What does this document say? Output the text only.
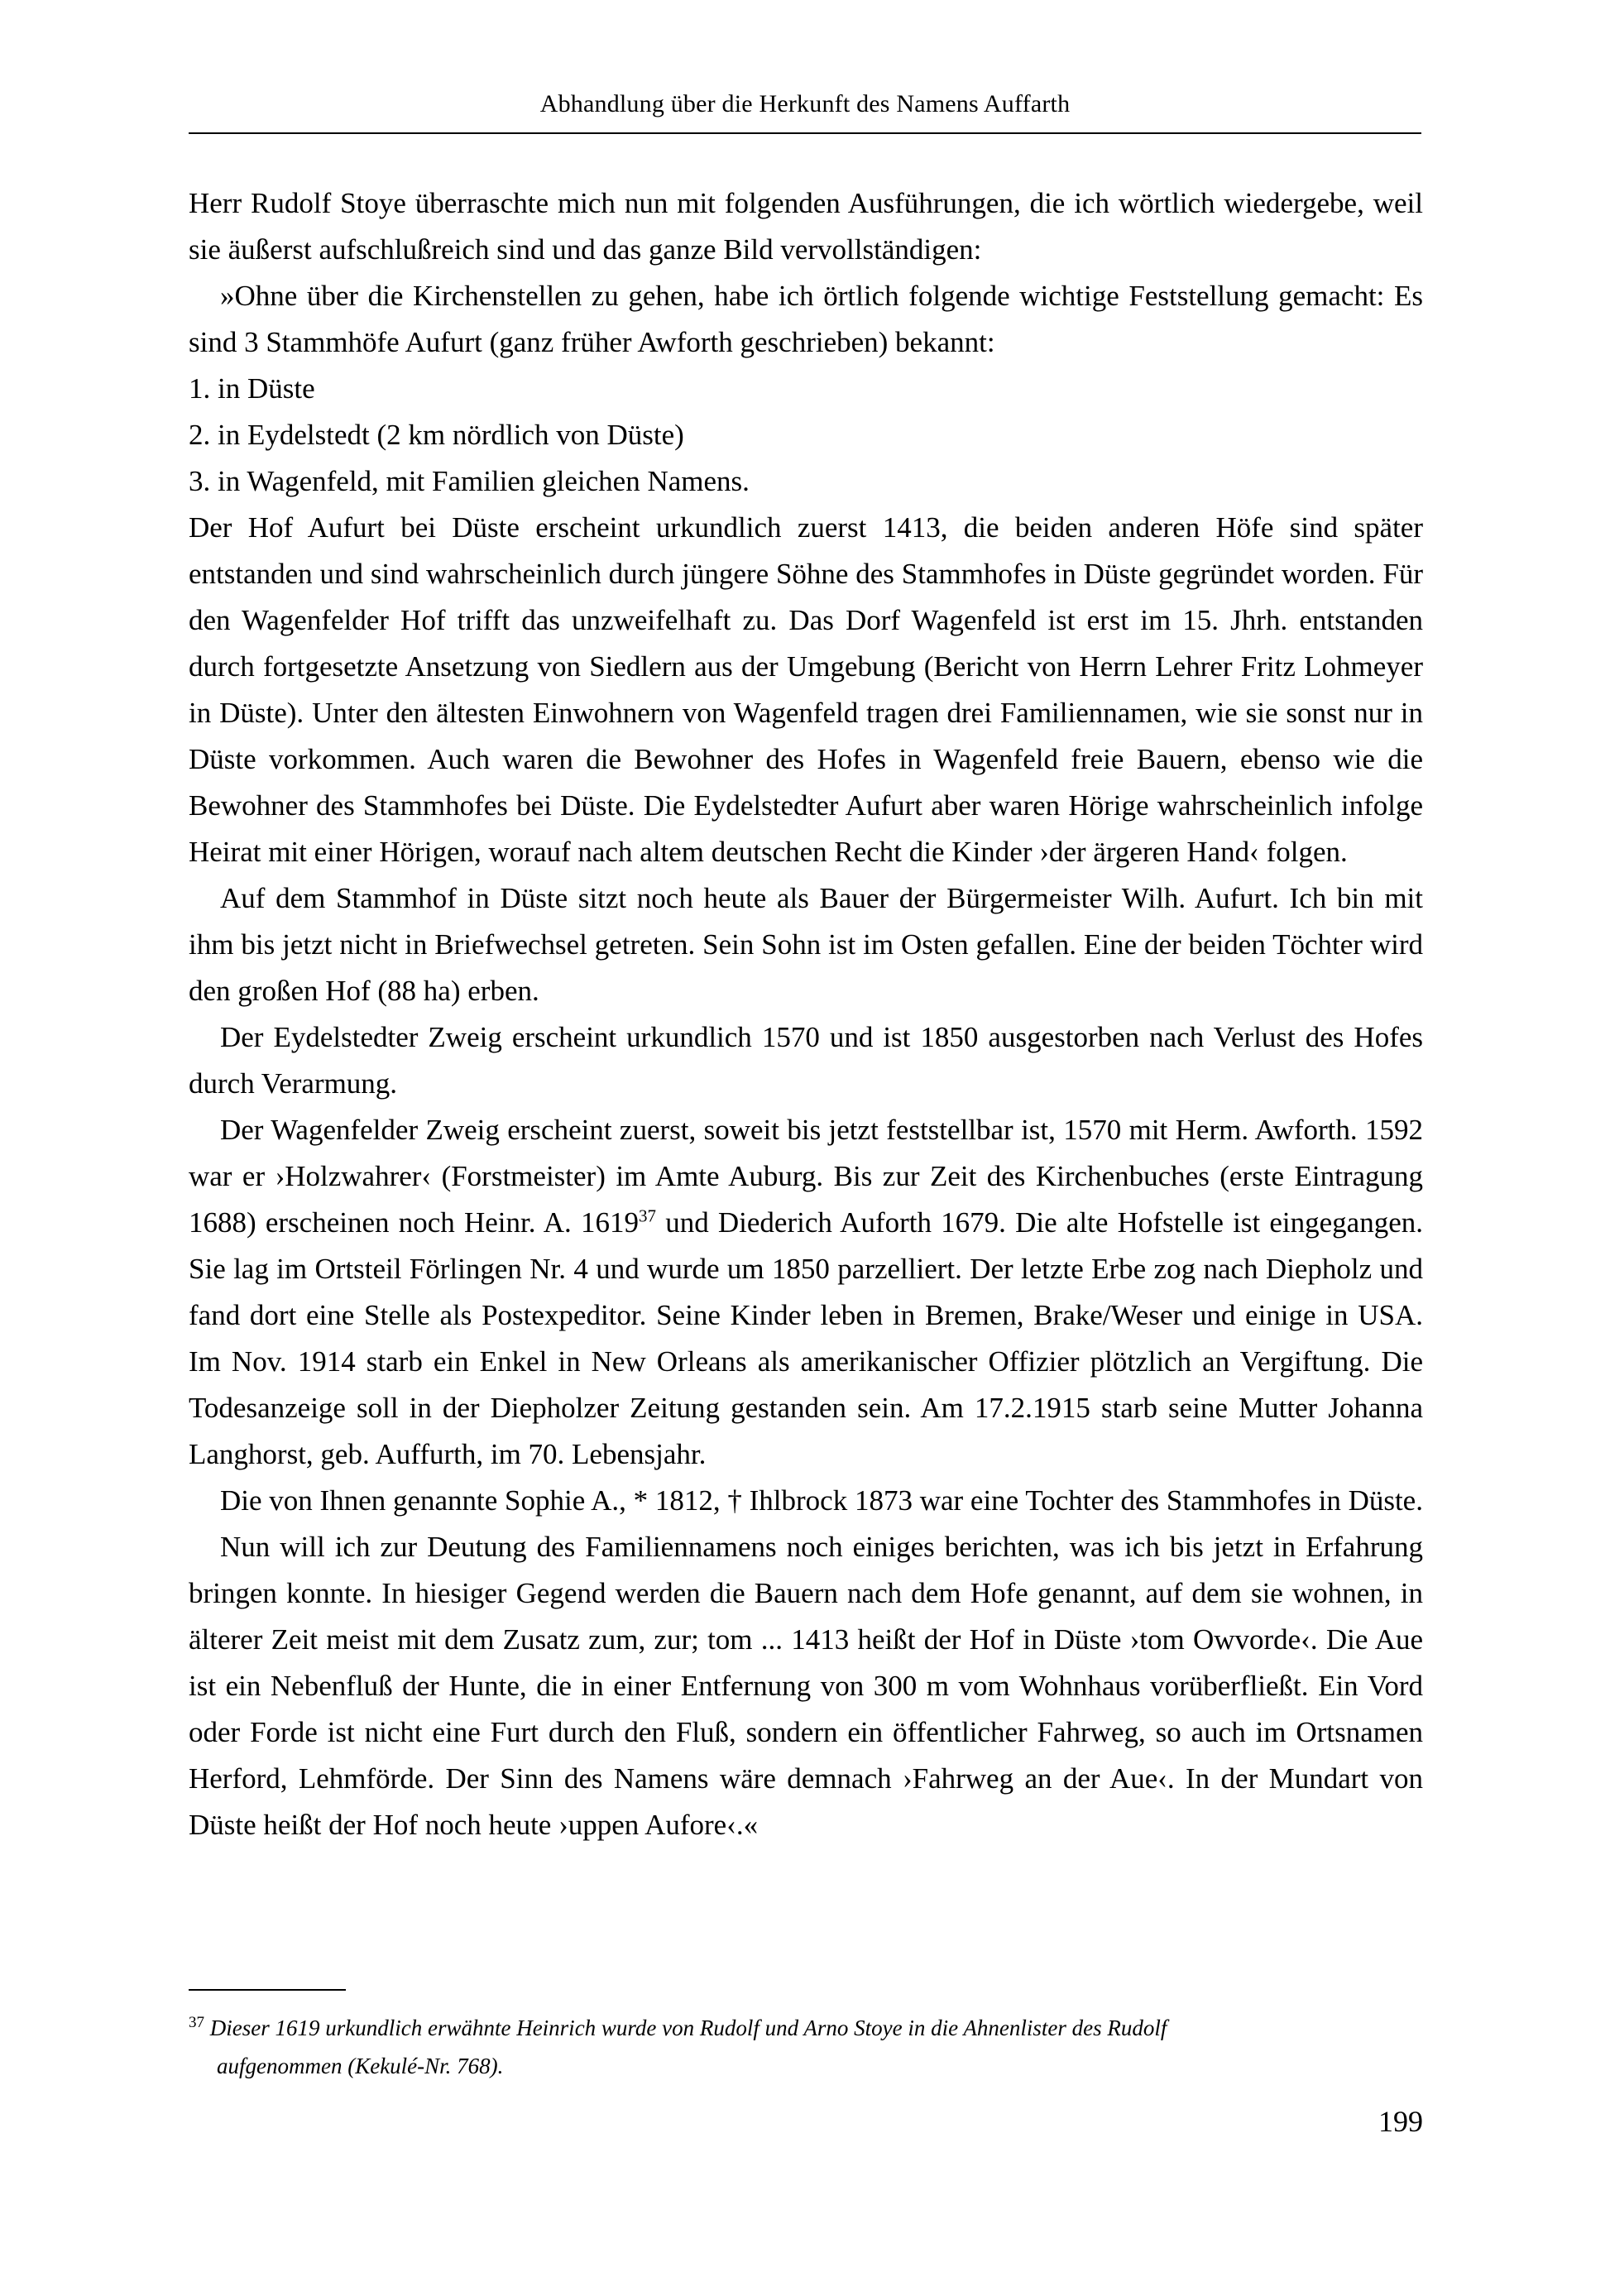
Abhandlung über die Herkunft des Namens Auffarth

Herr Rudolf Stoye überraschte mich nun mit folgenden Ausführungen, die ich wörtlich wiedergebe, weil sie äußerst aufschlußreich sind und das ganze Bild vervollständigen:

»Ohne über die Kirchenstellen zu gehen, habe ich örtlich folgende wichtige Feststellung gemacht: Es sind 3 Stammhöfe Aufurt (ganz früher Awforth geschrieben) bekannt:

1. in Düste

2. in Eydelstedt (2 km nördlich von Düste)

3. in Wagenfeld, mit Familien gleichen Namens.

Der Hof Aufurt bei Düste erscheint urkundlich zuerst 1413, die beiden anderen Höfe sind später entstanden und sind wahrscheinlich durch jüngere Söhne des Stammhofes in Düste gegründet worden. Für den Wagenfelder Hof trifft das unzweifelhaft zu. Das Dorf Wagenfeld ist erst im 15. Jhrh. entstanden durch fortgesetzte Ansetzung von Siedlern aus der Umgebung (Bericht von Herrn Lehrer Fritz Lohmeyer in Düste). Unter den ältesten Einwohnern von Wagenfeld tragen drei Familiennamen, wie sie sonst nur in Düste vorkommen. Auch waren die Bewohner des Hofes in Wagenfeld freie Bauern, ebenso wie die Bewohner des Stammhofes bei Düste. Die Eydelstedter Aufurt aber waren Hörige wahrscheinlich infolge Heirat mit einer Hörigen, worauf nach altem deutschen Recht die Kinder ›der ärgeren Hand‹ folgen.

Auf dem Stammhof in Düste sitzt noch heute als Bauer der Bürgermeister Wilh. Aufurt. Ich bin mit ihm bis jetzt nicht in Briefwechsel getreten. Sein Sohn ist im Osten gefallen. Eine der beiden Töchter wird den großen Hof (88 ha) erben.

Der Eydelstedter Zweig erscheint urkundlich 1570 und ist 1850 ausgestorben nach Verlust des Hofes durch Verarmung.

Der Wagenfelder Zweig erscheint zuerst, soweit bis jetzt feststellbar ist, 1570 mit Herm. Awforth. 1592 war er ›Holzwahrer‹ (Forstmeister) im Amte Auburg. Bis zur Zeit des Kirchenbuches (erste Eintragung 1688) erscheinen noch Heinr. A. 1619$^{37}$ und Diederich Auforth 1679. Die alte Hofstelle ist eingegangen. Sie lag im Ortsteil Förlingen Nr. 4 und wurde um 1850 parzelliert. Der letzte Erbe zog nach Diepholz und fand dort eine Stelle als Postexpeditor. Seine Kinder leben in Bremen, Brake/Weser und einige in USA. Im Nov. 1914 starb ein Enkel in New Orleans als amerikanischer Offizier plötzlich an Vergiftung. Die Todesanzeige soll in der Diepholzer Zeitung gestanden sein. Am 17.2.1915 starb seine Mutter Johanna Langhorst, geb. Auffurth, im 70. Lebensjahr.

Die von Ihnen genannte Sophie A., * 1812, † Ihlbrock 1873 war eine Tochter des Stammhofes in Düste.

Nun will ich zur Deutung des Familiennamens noch einiges berichten, was ich bis jetzt in Erfahrung bringen konnte. In hiesiger Gegend werden die Bauern nach dem Hofe genannt, auf dem sie wohnen, in älterer Zeit meist mit dem Zusatz zum, zur; tom ... 1413 heißt der Hof in Düste ›tom Owvorde‹. Die Aue ist ein Nebenfluß der Hunte, die in einer Entfernung von 300 m vom Wohnhaus vorüberfließt. Ein Vord oder Forde ist nicht eine Furt durch den Fluß, sondern ein öffentlicher Fahrweg, so auch im Ortsnamen Herford, Lehmförde. Der Sinn des Namens wäre demnach ›Fahrweg an der Aue‹. In der Mundart von Düste heißt der Hof noch heute ›uppen Aufore‹.«

$^{37}$ Dieser 1619 urkundlich erwähnte Heinrich wurde von Rudolf und Arno Stoye in die Ahnenlister des Rudolf
aufgenommen (Kekulé-Nr. 768).
199
